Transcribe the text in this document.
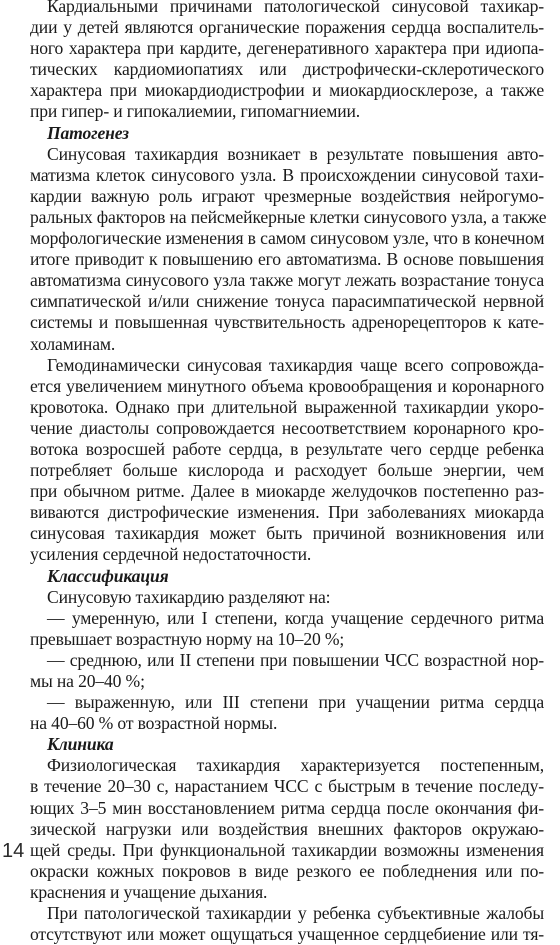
Кардиальными причинами патологической синусовой тахикар-
дии у детей являются органические поражения сердца воспалитель-
ного характера при кардите, дегенеративного характера при идиопа-
тических кардиомиопатиях или дистрофически-склеротического
характера при миокардиодистрофии и миокардиосклерозе, а также
при гипер- и гипокалиемии, гипомагниемии.
Патогенез
Синусовая тахикардия возникает в результате повышения авто-
матизма клеток синусового узла. В происхождении синусовой тахи-
кардии важную роль играют чрезмерные воздействия нейрогумо-
ральных факторов на пейсмейкерные клетки синусового узла, а также
морфологические изменения в самом синусовом узле, что в конечном
итоге приводит к повышению его автоматизма. В основе повышения
автоматизма синусового узла также могут лежать возрастание тонуса
симпатической и/или снижение тонуса парасимпатической нервной
системы и повышенная чувствительность адренорецепторов к кате-
холаминам.
Гемодинамически синусовая тахикардия чаще всего сопровожда-
ется увеличением минутного объема кровообращения и коронарного
кровотока. Однако при длительной выраженной тахикардии укоро-
чение диастолы сопровождается несоответствием коронарного кро-
вотока возросшей работе сердца, в результате чего сердце ребенка
потребляет больше кислорода и расходует больше энергии, чем
при обычном ритме. Далее в миокарде желудочков постепенно раз-
виваются дистрофические изменения. При заболеваниях миокарда
синусовая тахикардия может быть причиной возникновения или
усиления сердечной недостаточности.
Классификация
Синусовую тахикардию разделяют на:
— умеренную, или I степени, когда учащение сердечного ритма
превышает возрастную норму на 10–20 %;
— среднюю, или II степени при повышении ЧСС возрастной нор-
мы на 20–40 %;
— выраженную, или III степени при учащении ритма сердца
на 40–60 % от возрастной нормы.
Клиника
Физиологическая тахикардия характеризуется постепенным,
в течение 20–30 с, нарастанием ЧСС с быстрым в течение последу-
ющих 3–5 мин восстановлением ритма сердца после окончания фи-
зической нагрузки или воздействия внешних факторов окружаю-
щей среды. При функциональной тахикардии возможны изменения
окраски кожных покровов в виде резкого ее побледнения или по-
краснения и учащение дыхания.
При патологической тахикардии у ребенка субъективные жалобы
отсутствуют или может ощущаться учащенное сердцебиение или тя-
14
